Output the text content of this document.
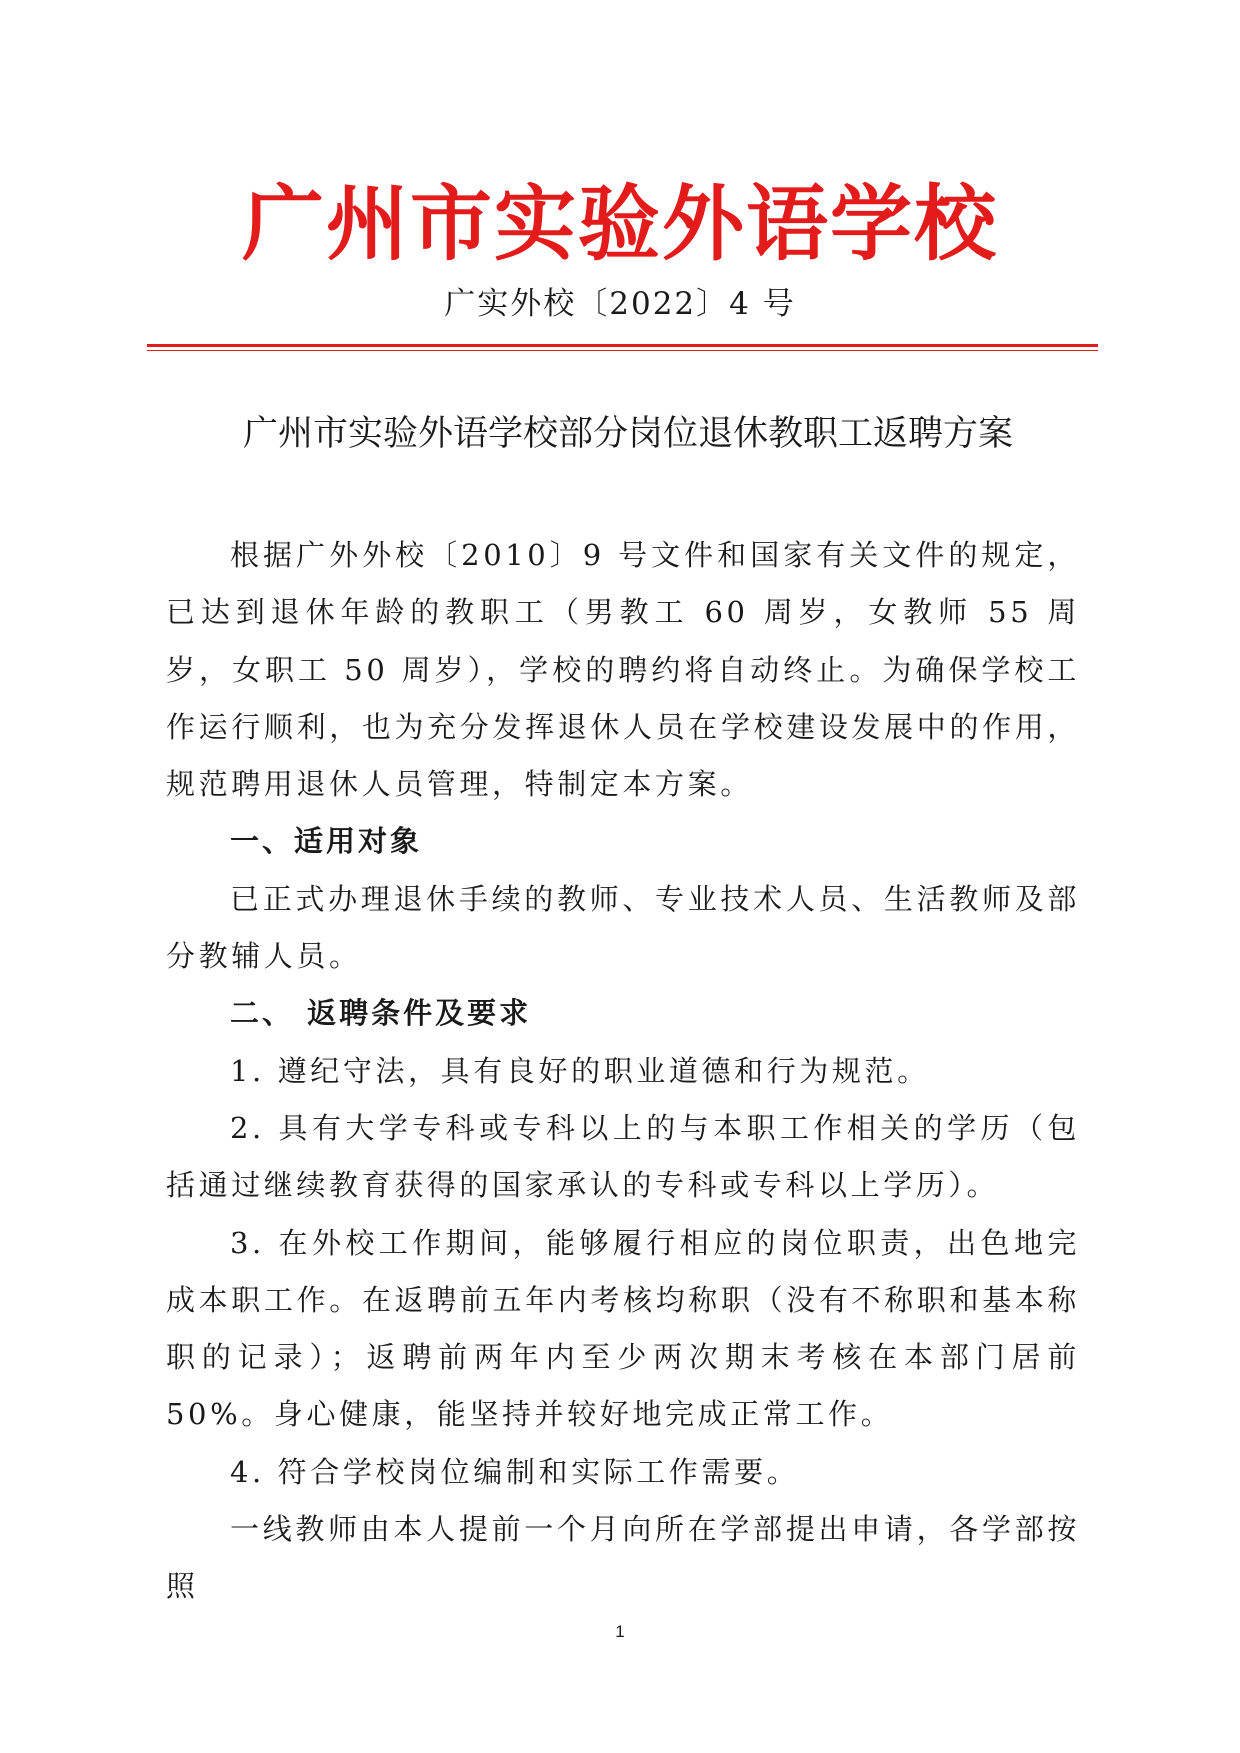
广州市实验外语学校
广实外校〔2022〕4 号
广州市实验外语学校部分岗位退休教职工返聘方案

根据广外外校〔2010〕9 号文件和国家有关文件的规定，已达到退休年龄的教职工（男教工 60 周岁，女教师 55 周岁，女职工 50 周岁），学校的聘约将自动终止。为确保学校工作运行顺利，也为充分发挥退休人员在学校建设发展中的作用，规范聘用退休人员管理，特制定本方案。

一、适用对象

已正式办理退休手续的教师、专业技术人员、生活教师及部分教辅人员。

二、 返聘条件及要求

1. 遵纪守法，具有良好的职业道德和行为规范。

2. 具有大学专科或专科以上的与本职工作相关的学历（包括通过继续教育获得的国家承认的专科或专科以上学历）。

3. 在外校工作期间，能够履行相应的岗位职责，出色地完成本职工作。在返聘前五年内考核均称职（没有不称职和基本称职的记录）；返聘前两年内至少两次期末考核在本部门居前 50%。身心健康，能坚持并较好地完成正常工作。

4. 符合学校岗位编制和实际工作需要。

一线教师由本人提前一个月向所在学部提出申请，各学部按照

1
